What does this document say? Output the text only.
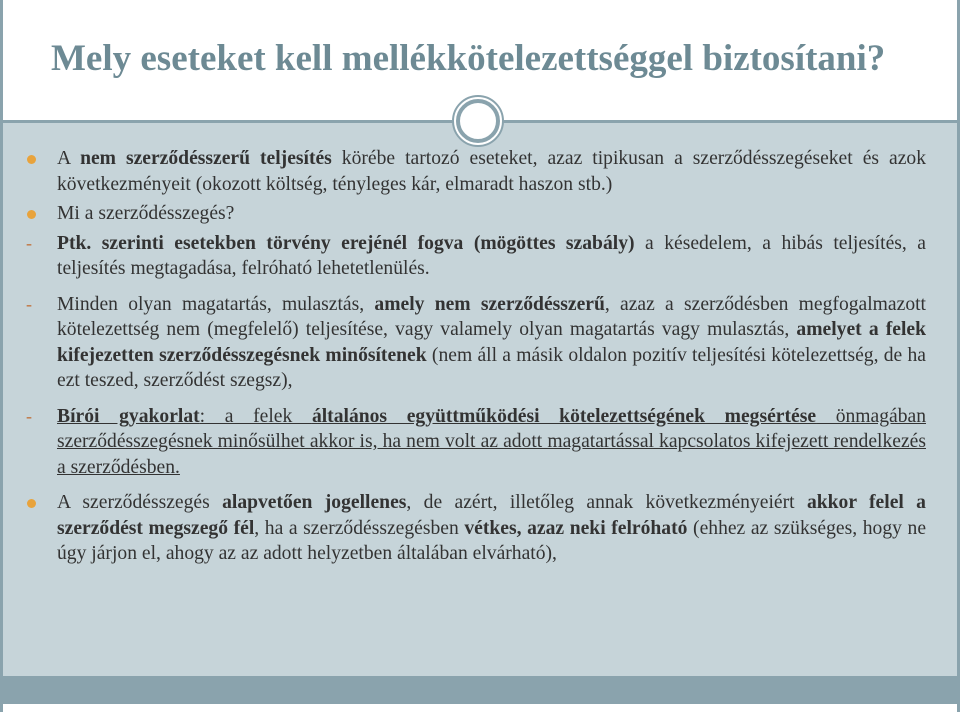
Mely eseteket kell mellékkötelezettséggel biztosítani?

A nem szerződésszerű teljesítés körébe tartozó eseteket, azaz tipikusan a szerződésszegéseket és azok következményeit (okozott költség, tényleges kár, elmaradt haszon stb.)

Mi a szerződésszegés?

- Ptk. szerinti esetekben törvény erejénél fogva (mögöttes szabály) a késedelem, a hibás teljesítés, a teljesítés megtagadása, felróható lehetetlenülés.

- Minden olyan magatartás, mulasztás, amely nem szerződésszerű, azaz a szerződésben megfogalmazott kötelezettség nem (megfelelő) teljesítése, vagy valamely olyan magatartás vagy mulasztás, amelyet a felek kifejezetten szerződésszegésnek minősítenek (nem áll a másik oldalon pozitív teljesítési kötelezettség, de ha ezt teszed, szerződést szegsz),

- Bírói gyakorlat: a felek általános együttműködési kötelezettségének megsértése önmagában szerződésszegésnek minősülhet akkor is, ha nem volt az adott magatartással kapcsolatos kifejezett rendelkezés a szerződésben.

A szerződésszegés alapvetően jogellenes, de azért, illetőleg annak következményeiért akkor felel a szerződést megszegő fél, ha a szerződésszegésben vétkes, azaz neki felróható (ehhez az szükséges, hogy ne úgy járjon el, ahogy az az adott helyzetben általában elvárható),
